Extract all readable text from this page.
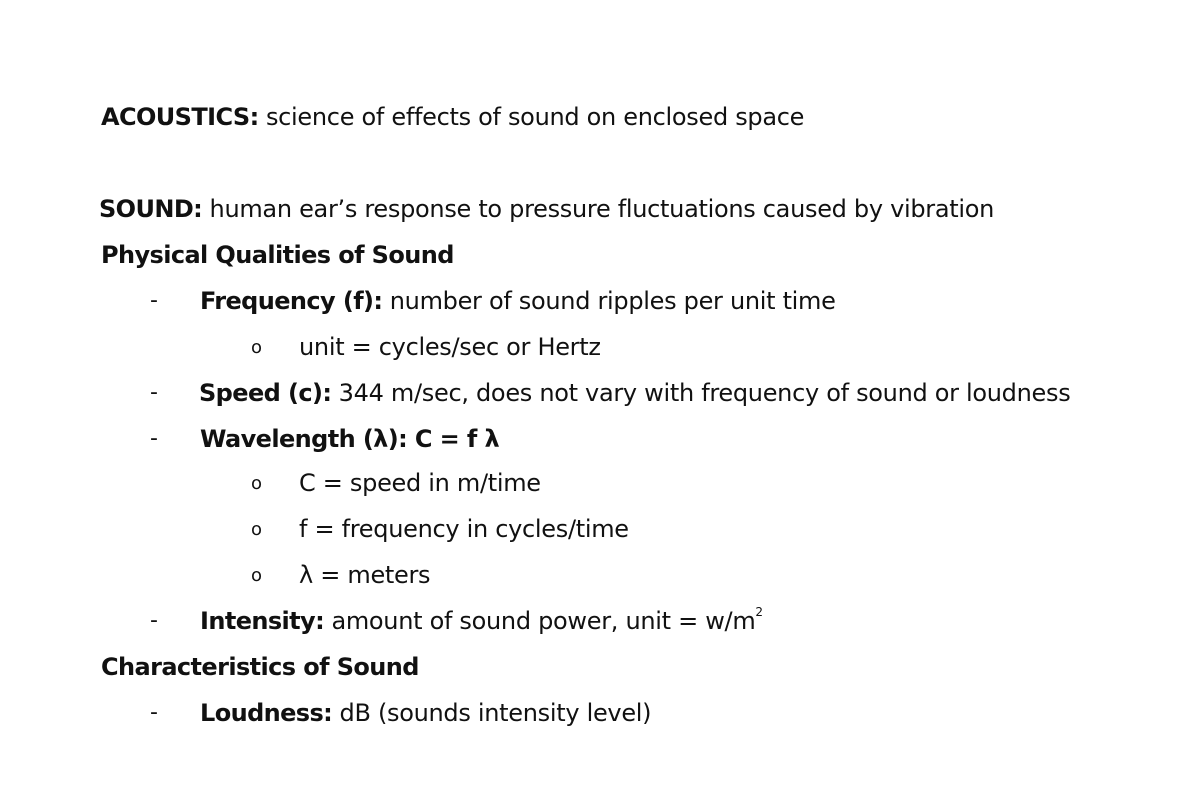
ACOUSTICS: science of effects of sound on enclosed space
SOUND: human ear’s response to pressure fluctuations caused by vibration
Physical Qualities of Sound
- Frequency (f): number of sound ripples per unit time
o unit = cycles/sec or Hertz
- Speed (c): 344 m/sec, does not vary with frequency of sound or loudness
- Wavelength (λ): C = f λ
o C = speed in m/time
o f = frequency in cycles/time
o λ = meters
- Intensity: amount of sound power, unit = $w/m^2$
Characteristics of Sound
- Loudness: dB (sounds intensity level)
